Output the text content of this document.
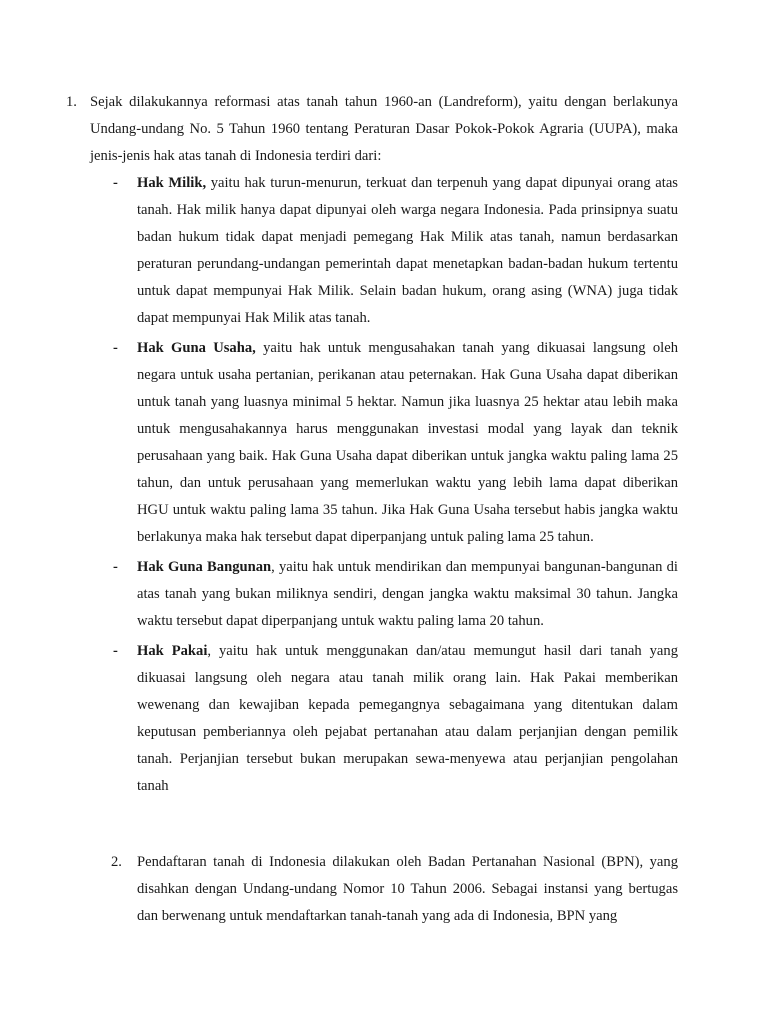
1. Sejak dilakukannya reformasi atas tanah tahun 1960-an (Landreform), yaitu dengan berlakunya Undang-undang No. 5 Tahun 1960 tentang Peraturan Dasar Pokok-Pokok Agraria (UUPA), maka jenis-jenis hak atas tanah di Indonesia terdiri dari:
- Hak Milik, yaitu hak turun-menurun, terkuat dan terpenuh yang dapat dipunyai orang atas tanah. Hak milik hanya dapat dipunyai oleh warga negara Indonesia. Pada prinsipnya suatu badan hukum tidak dapat menjadi pemegang Hak Milik atas tanah, namun berdasarkan peraturan perundang-undangan pemerintah dapat menetapkan badan-badan hukum tertentu untuk dapat mempunyai Hak Milik. Selain badan hukum, orang asing (WNA) juga tidak dapat mempunyai Hak Milik atas tanah.
- Hak Guna Usaha, yaitu hak untuk mengusahakan tanah yang dikuasai langsung oleh negara untuk usaha pertanian, perikanan atau peternakan. Hak Guna Usaha dapat diberikan untuk tanah yang luasnya minimal 5 hektar. Namun jika luasnya 25 hektar atau lebih maka untuk mengusahakannya harus menggunakan investasi modal yang layak dan teknik perusahaan yang baik. Hak Guna Usaha dapat diberikan untuk jangka waktu paling lama 25 tahun, dan untuk perusahaan yang memerlukan waktu yang lebih lama dapat diberikan HGU untuk waktu paling lama 35 tahun. Jika Hak Guna Usaha tersebut habis jangka waktu berlakunya maka hak tersebut dapat diperpanjang untuk paling lama 25 tahun.
- Hak Guna Bangunan, yaitu hak untuk mendirikan dan mempunyai bangunan-bangunan di atas tanah yang bukan miliknya sendiri, dengan jangka waktu maksimal 30 tahun. Jangka waktu tersebut dapat diperpanjang untuk waktu paling lama 20 tahun.
- Hak Pakai, yaitu hak untuk menggunakan dan/atau memungut hasil dari tanah yang dikuasai langsung oleh negara atau tanah milik orang lain. Hak Pakai memberikan wewenang dan kewajiban kepada pemegangnya sebagaimana yang ditentukan dalam keputusan pemberiannya oleh pejabat pertanahan atau dalam perjanjian dengan pemilik tanah. Perjanjian tersebut bukan merupakan sewa-menyewa atau perjanjian pengolahan tanah
2. Pendaftaran tanah di Indonesia dilakukan oleh Badan Pertanahan Nasional (BPN), yang disahkan dengan Undang-undang Nomor 10 Tahun 2006. Sebagai instansi yang bertugas dan berwenang untuk mendaftarkan tanah-tanah yang ada di Indonesia, BPN yang
